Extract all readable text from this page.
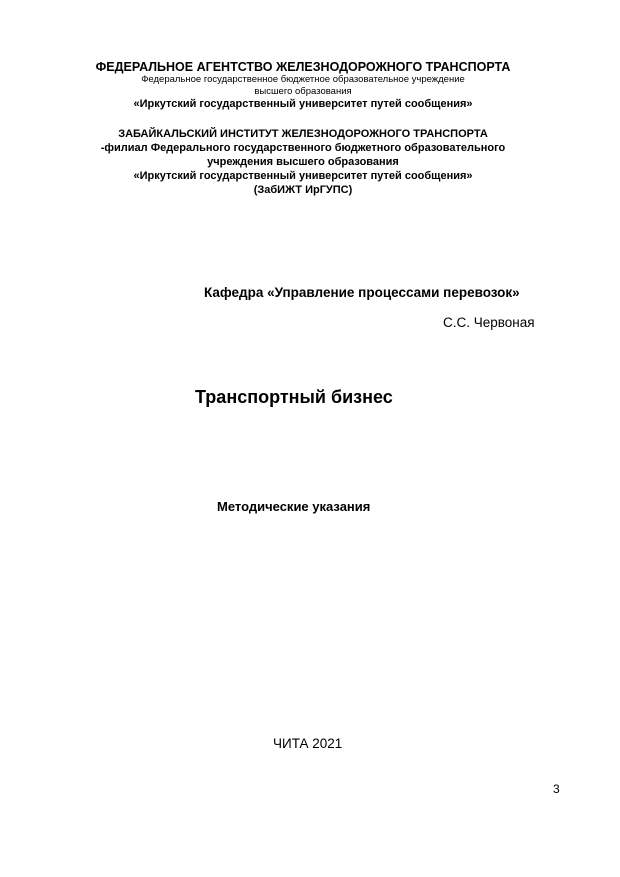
ФЕДЕРАЛЬНОЕ АГЕНТСТВО ЖЕЛЕЗНОДОРОЖНОГО ТРАНСПОРТА
Федеральное государственное бюджетное образовательное учреждение
высшего образования
«Иркутский государственный университет путей сообщения»
ЗАБАЙКАЛЬСКИЙ ИНСТИТУТ ЖЕЛЕЗНОДОРОЖНОГО ТРАНСПОРТА
-филиал Федерального государственного бюджетного образовательного
учреждения высшего образования
«Иркутский государственный университет путей сообщения»
(ЗабИЖТ ИрГУПС)
Кафедра «Управление процессами перевозок»
С.С. Червоная
Транспортный бизнес
Методические указания
ЧИТА 2021
3
